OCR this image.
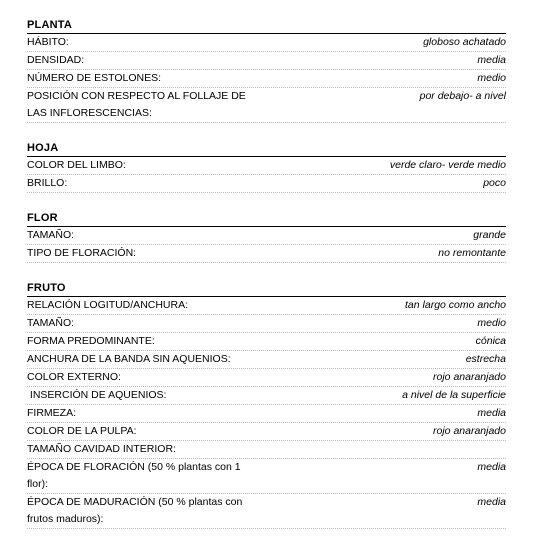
PLANTA
HÁBITO:	globoso achatado
DENSIDAD:	media
NÚMERO DE ESTOLONES:	medio
POSICIÓN CON RESPECTO AL FOLLAJE DE LAS INFLORESCENCIAS:
por debajo- a nivel
HOJA
COLOR DEL LIMBO:	verde claro- verde medio
BRILLO:	poco
FLOR
TAMAÑO:	grande
TIPO DE FLORACIÓN:	no remontante
FRUTO
RELACIÓN LOGITUD/ANCHURA:	tan largo como ancho
TAMAÑO:	medio
FORMA PREDOMINANTE:	cónica
ANCHURA DE LA BANDA SIN AQUENIOS:	estrecha
COLOR EXTERNO:	rojo anaranjado
INSERCIÓN DE AQUENIOS:	a nivel de la superficie
FIRMEZA:	media
COLOR DE LA PULPA:	rojo anaranjado
TAMAÑO CAVIDAD INTERIOR:
ÉPOCA DE FLORACIÓN (50 % plantas con 1 flor):
media
ÉPOCA DE MADURACIÓN (50 % plantas con frutos maduros):
media
